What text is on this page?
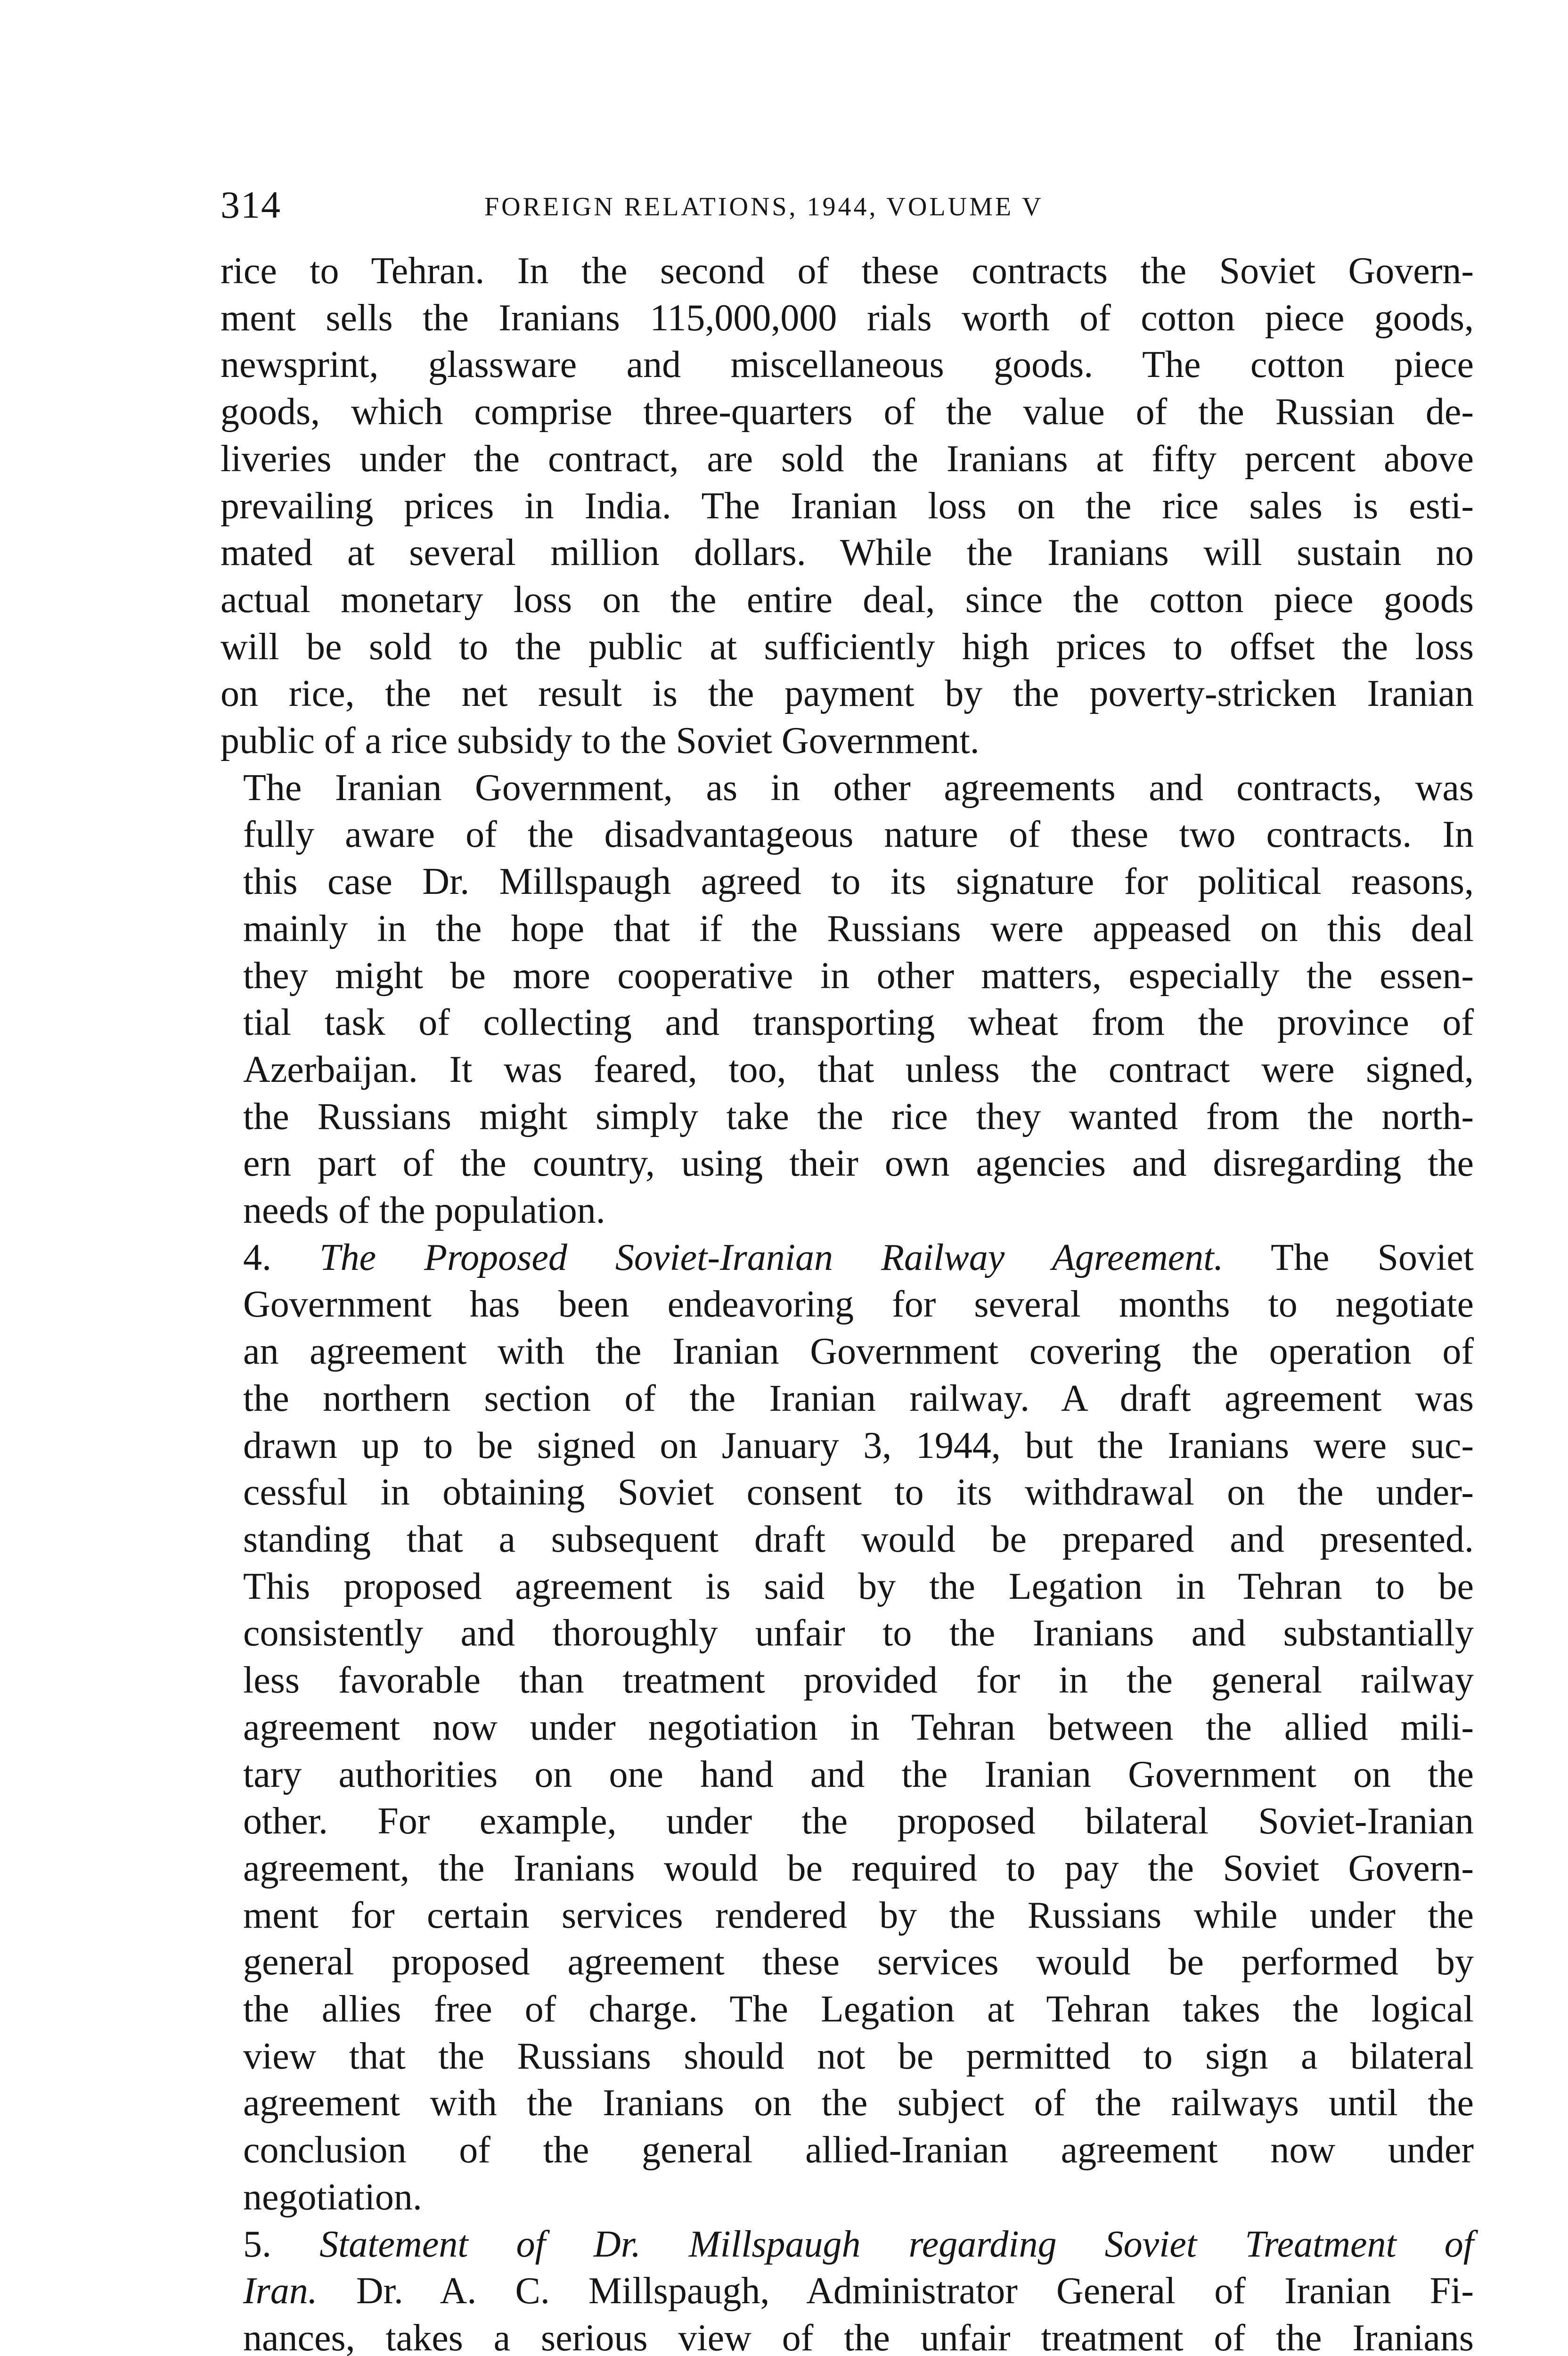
314	FOREIGN RELATIONS, 1944, VOLUME V

rice to Tehran. In the second of these contracts the Soviet Govern-
ment sells the Iranians 115,000,000 rials worth of cotton piece goods,
newsprint, glassware and miscellaneous goods. The cotton piece
goods, which comprise three-quarters of the value of the Russian de-
liveries under the contract, are sold the Iranians at fifty percent above
prevailing prices in India. The Iranian loss on the rice sales is esti-
mated at several million dollars. While the Iranians will sustain no
actual monetary loss on the entire deal, since the cotton piece goods
will be sold to the public at sufficiently high prices to offset the loss
on rice, the net result is the payment by the poverty-stricken Iranian
public of a rice subsidy to the Soviet Government.

The Iranian Government, as in other agreements and contracts, was
fully aware of the disadvantageous nature of these two contracts. In
this case Dr. Millspaugh agreed to its signature for political reasons,
mainly in the hope that if the Russians were appeased on this deal
they might be more cooperative in other matters, especially the essen-
tial task of collecting and transporting wheat from the province of
Azerbaijan. It was feared, too, that unless the contract were signed,
the Russians might simply take the rice they wanted from the north-
ern part of the country, using their own agencies and disregarding the
needs of the population.

4. The Proposed Soviet-Iranian Railway Agreement. The Soviet
Government has been endeavoring for several months to negotiate
an agreement with the Iranian Government covering the operation of
the northern section of the Iranian railway. A draft agreement was
drawn up to be signed on January 3, 1944, but the Iranians were suc-
cessful in obtaining Soviet consent to its withdrawal on the under-
standing that a subsequent draft would be prepared and presented.
This proposed agreement is said by the Legation in Tehran to be
consistently and thoroughly unfair to the Iranians and substantially
less favorable than treatment provided for in the general railway
agreement now under negotiation in Tehran between the allied mili-
tary authorities on one hand and the Iranian Government on the
other. For example, under the proposed bilateral Soviet-Iranian
agreement, the Iranians would be required to pay the Soviet Govern-
ment for certain services rendered by the Russians while under the
general proposed agreement these services would be performed by
the allies free of charge. The Legation at Tehran takes the logical
view that the Russians should not be permitted to sign a bilateral
agreement with the Iranians on the subject of the railways until the
conclusion of the general allied-Iranian agreement now under
negotiation.

5. Statement of Dr. Millspaugh regarding Soviet Treatment of
Iran. Dr. A. C. Millspaugh, Administrator General of Iranian Fi-
nances, takes a serious view of the unfair treatment of the Iranians
